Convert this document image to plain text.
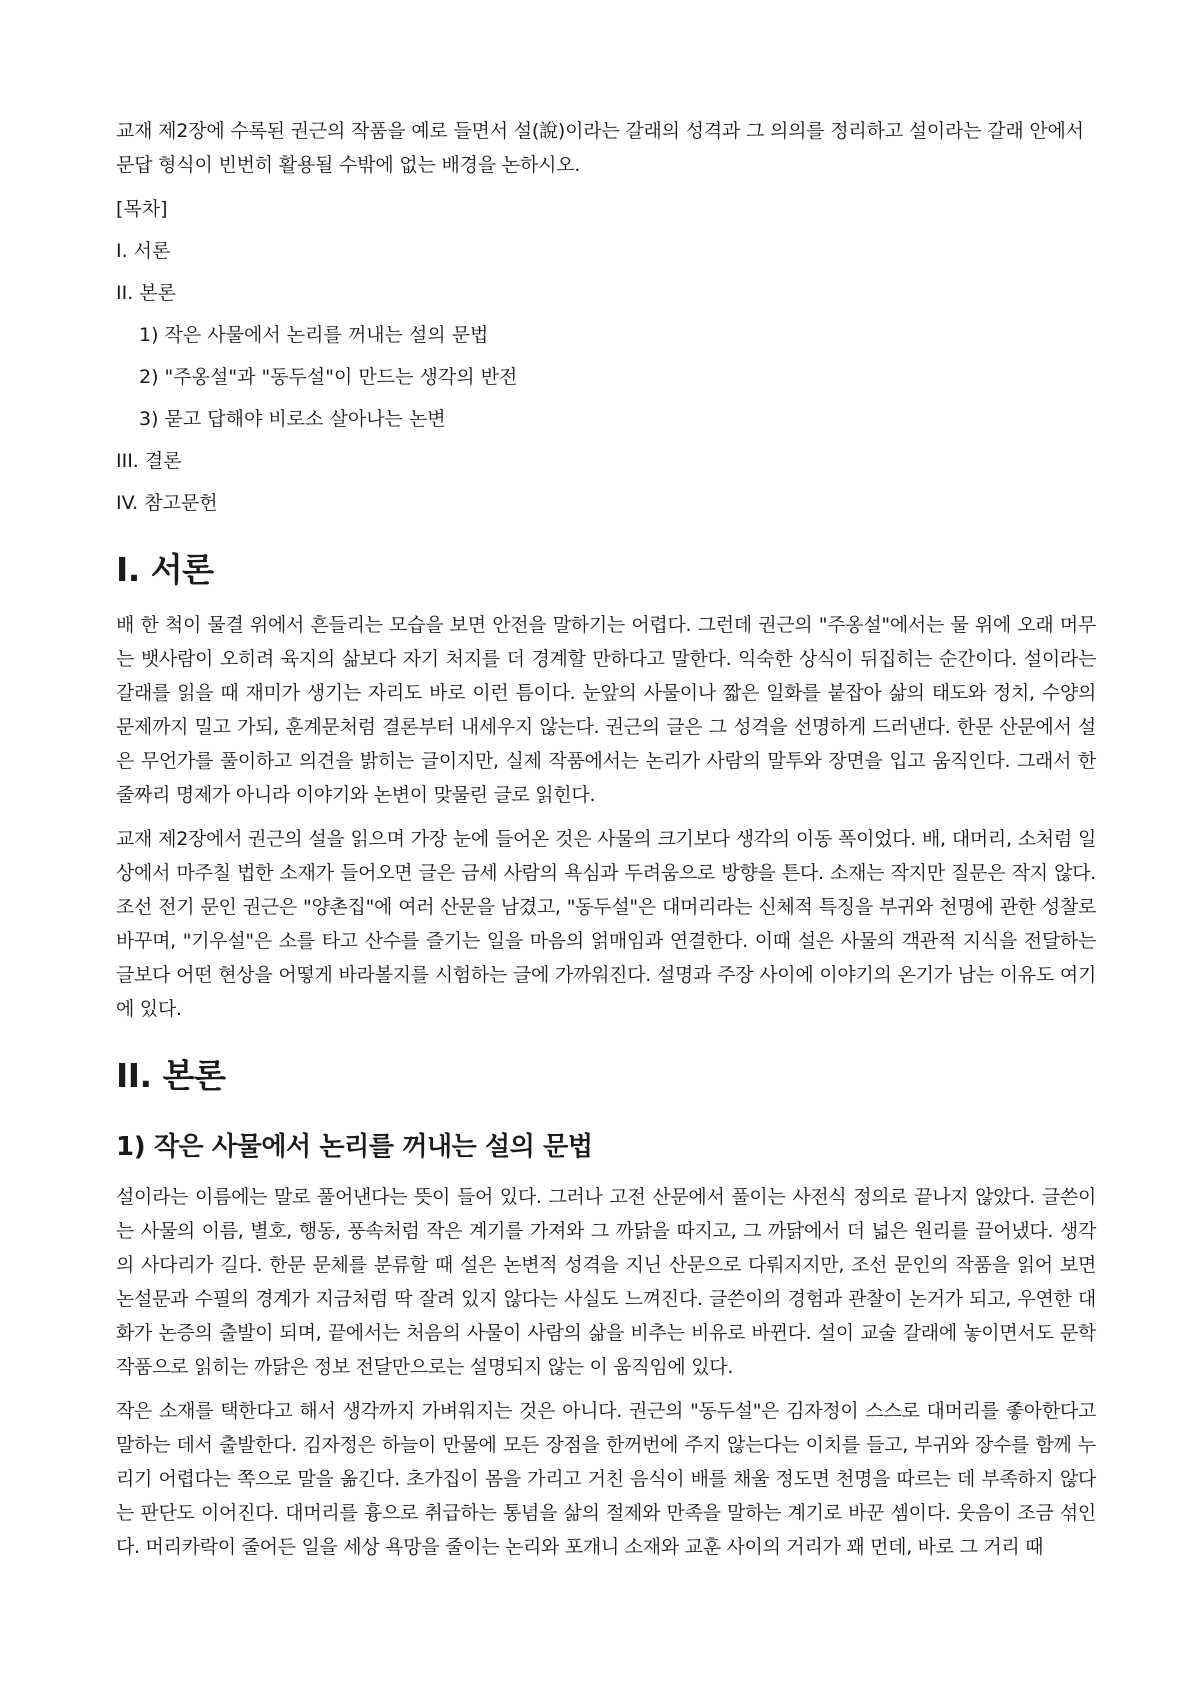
교재 제2장에 수록된 권근의 작품을 예로 들면서 설(說)이라는 갈래의 성격과 그 의의를 정리하고 설이라는 갈래 안에서 문답 형식이 빈번히 활용될 수밖에 없는 배경을 논하시오.

[목차]
I. 서론
II. 본론
1) 작은 사물에서 논리를 꺼내는 설의 문법
2) "주옹설"과 "동두설"이 만드는 생각의 반전
3) 묻고 답해야 비로소 살아나는 논변
III. 결론
IV. 참고문헌
I. 서론

배 한 척이 물결 위에서 흔들리는 모습을 보면 안전을 말하기는 어렵다. 그런데 권근의 "주옹설"에서는 물 위에 오래 머무는 뱃사람이 오히려 육지의 삶보다 자기 처지를 더 경계할 만하다고 말한다. 익숙한 상식이 뒤집히는 순간이다. 설이라는 갈래를 읽을 때 재미가 생기는 자리도 바로 이런 틈이다. 눈앞의 사물이나 짧은 일화를 붙잡아 삶의 태도와 정치, 수양의 문제까지 밀고 가되, 훈계문처럼 결론부터 내세우지 않는다. 권근의 글은 그 성격을 선명하게 드러낸다. 한문 산문에서 설은 무언가를 풀이하고 의견을 밝히는 글이지만, 실제 작품에서는 논리가 사람의 말투와 장면을 입고 움직인다. 그래서 한 줄짜리 명제가 아니라 이야기와 논변이 맞물린 글로 읽힌다.

교재 제2장에서 권근의 설을 읽으며 가장 눈에 들어온 것은 사물의 크기보다 생각의 이동 폭이었다. 배, 대머리, 소처럼 일상에서 마주칠 법한 소재가 들어오면 글은 금세 사람의 욕심과 두려움으로 방향을 튼다. 소재는 작지만 질문은 작지 않다. 조선 전기 문인 권근은 "양촌집"에 여러 산문을 남겼고, "동두설"은 대머리라는 신체적 특징을 부귀와 천명에 관한 성찰로 바꾸며, "기우설"은 소를 타고 산수를 즐기는 일을 마음의 얽매임과 연결한다. 이때 설은 사물의 객관적 지식을 전달하는 글보다 어떤 현상을 어떻게 바라볼지를 시험하는 글에 가까워진다. 설명과 주장 사이에 이야기의 온기가 남는 이유도 여기에 있다.

II. 본론
1) 작은 사물에서 논리를 꺼내는 설의 문법

설이라는 이름에는 말로 풀어낸다는 뜻이 들어 있다. 그러나 고전 산문에서 풀이는 사전식 정의로 끝나지 않았다. 글쓴이는 사물의 이름, 별호, 행동, 풍속처럼 작은 계기를 가져와 그 까닭을 따지고, 그 까닭에서 더 넓은 원리를 끌어냈다. 생각의 사다리가 길다. 한문 문체를 분류할 때 설은 논변적 성격을 지닌 산문으로 다뤄지지만, 조선 문인의 작품을 읽어 보면 논설문과 수필의 경계가 지금처럼 딱 잘려 있지 않다는 사실도 느껴진다. 글쓴이의 경험과 관찰이 논거가 되고, 우연한 대화가 논증의 출발이 되며, 끝에서는 처음의 사물이 사람의 삶을 비추는 비유로 바뀐다. 설이 교술 갈래에 놓이면서도 문학 작품으로 읽히는 까닭은 정보 전달만으로는 설명되지 않는 이 움직임에 있다.

작은 소재를 택한다고 해서 생각까지 가벼워지는 것은 아니다. 권근의 "동두설"은 김자정이 스스로 대머리를 좋아한다고 말하는 데서 출발한다. 김자정은 하늘이 만물에 모든 장점을 한꺼번에 주지 않는다는 이치를 들고, 부귀와 장수를 함께 누리기 어렵다는 쪽으로 말을 옮긴다. 초가집이 몸을 가리고 거친 음식이 배를 채울 정도면 천명을 따르는 데 부족하지 않다는 판단도 이어진다. 대머리를 흉으로 취급하는 통념을 삶의 절제와 만족을 말하는 계기로 바꾼 셈이다. 웃음이 조금 섞인다. 머리카락이 줄어든 일을 세상 욕망을 줄이는 논리와 포개니 소재와 교훈 사이의 거리가 꽤 먼데, 바로 그 거리 때
